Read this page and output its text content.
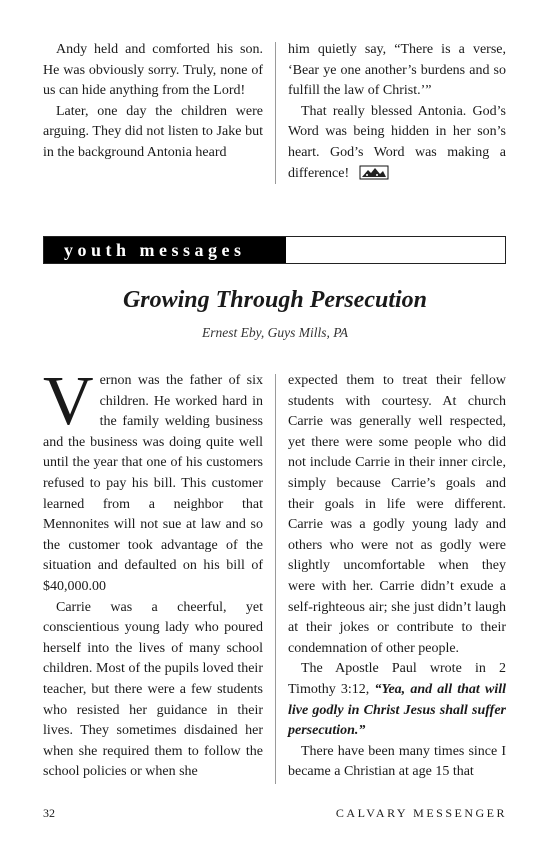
Andy held and comforted his son. He was obviously sorry. Truly, none of us can hide anything from the Lord!

Later, one day the children were arguing. They did not listen to Jake but in the background Antonia heard

him quietly say, “There is a verse, ‘Bear ye one another’s burdens and so fulfill the law of Christ.’”

That really blessed Antonia. God’s Word was being hidden in her son’s heart. God’s Word was making a difference!

youth messages
Growing Through Persecution
Ernest Eby, Guys Mills, PA

Vernon was the father of six children. He worked hard in the family welding business and the business was doing quite well until the year that one of his customers refused to pay his bill. This customer learned from a neighbor that Mennonites will not sue at law and so the customer took advantage of the situation and defaulted on his bill of $40,000.00

Carrie was a cheerful, yet conscientious young lady who poured herself into the lives of many school children. Most of the pupils loved their teacher, but there were a few students who resisted her guidance in their lives. They sometimes disdained her when she required them to follow the school policies or when she

expected them to treat their fellow students with courtesy. At church Carrie was generally well respected, yet there were some people who did not include Carrie in their inner circle, simply because Carrie’s goals and their goals in life were different. Carrie was a godly young lady and others who were not as godly were slightly uncomfortable when they were with her. Carrie didn’t exude a self-righteous air; she just didn’t laugh at their jokes or contribute to their condemnation of other people.

The Apostle Paul wrote in 2 Timothy 3:12, “Yea, and all that will live godly in Christ Jesus shall suffer persecution.”

There have been many times since I became a Christian at age 15 that

32	CALVARY MESSENGER
